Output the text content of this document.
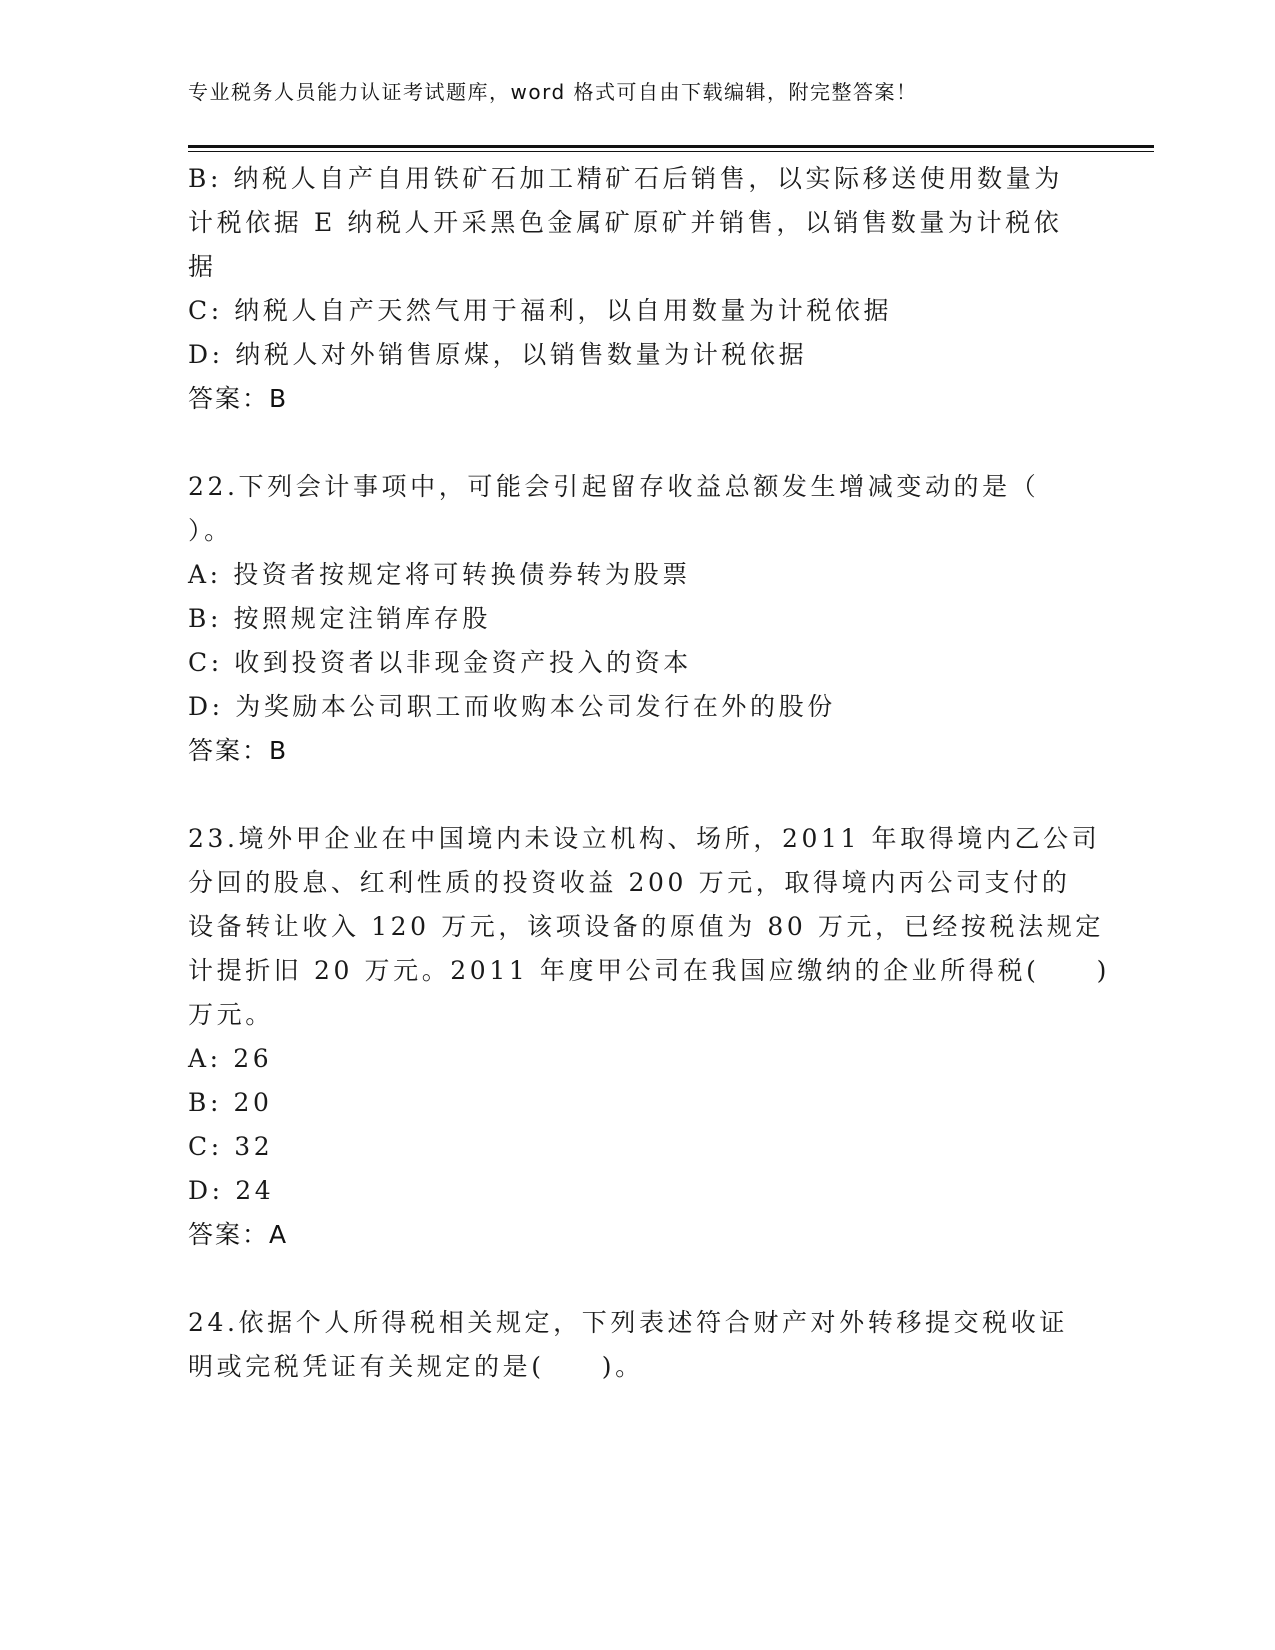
专业税务人员能力认证考试题库，word 格式可自由下载编辑，附完整答案！
B: 纳税人自产自用铁矿石加工精矿石后销售，以实际移送使用数量为
计税依据 E 纳税人开采黑色金属矿原矿并销售，以销售数量为计税依
据
C: 纳税人自产天然气用于福利，以自用数量为计税依据
D: 纳税人对外销售原煤，以销售数量为计税依据
答案：B
22.下列会计事项中，可能会引起留存收益总额发生增减变动的是（
）。
A: 投资者按规定将可转换债券转为股票
B: 按照规定注销库存股
C: 收到投资者以非现金资产投入的资本
D: 为奖励本公司职工而收购本公司发行在外的股份
答案：B
23.境外甲企业在中国境内未设立机构、场所，2011 年取得境内乙公司
分回的股息、红利性质的投资收益 200 万元，取得境内丙公司支付的
设备转让收入 120 万元，该项设备的原值为 80 万元，已经按税法规定
计提折旧 20 万元。2011 年度甲公司在我国应缴纳的企业所得税(　　)
万元。
A: 26
B: 20
C: 32
D: 24
答案：A
24.依据个人所得税相关规定，下列表述符合财产对外转移提交税收证
明或完税凭证有关规定的是(　　)。
